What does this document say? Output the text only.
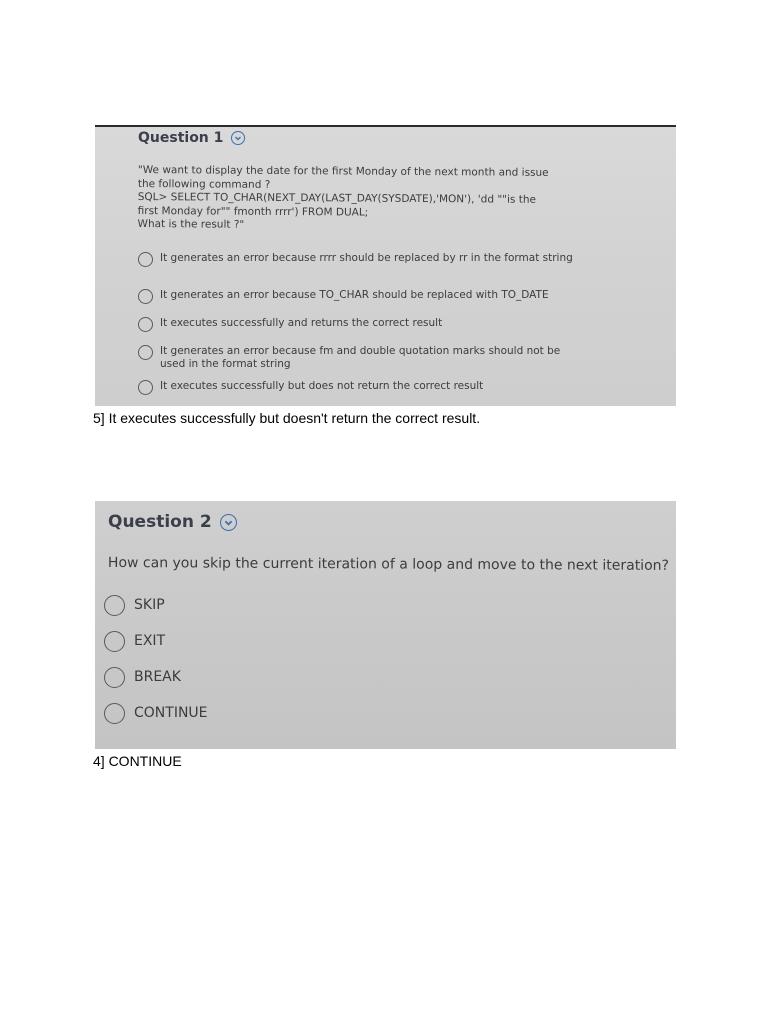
Question 1
"We want to display the date for the first Monday of the next month and issue
the following command ?
SQL> SELECT TO_CHAR(NEXT_DAY(LAST_DAY(SYSDATE),'MON'), 'dd ""is the
first Monday for"" fmonth rrrr') FROM DUAL;
What is the result ?"
It generates an error because rrrr should be replaced by rr in the format string
It generates an error because TO_CHAR should be replaced with TO_DATE
It executes successfully and returns the correct result
It generates an error because fm and double quotation marks should not be used in the format string
It executes successfully but does not return the correct result
5] It executes successfully but doesn't return the correct result.
Question 2
How can you skip the current iteration of a loop and move to the next iteration?
SKIP
EXIT
BREAK
CONTINUE
4] CONTINUE
